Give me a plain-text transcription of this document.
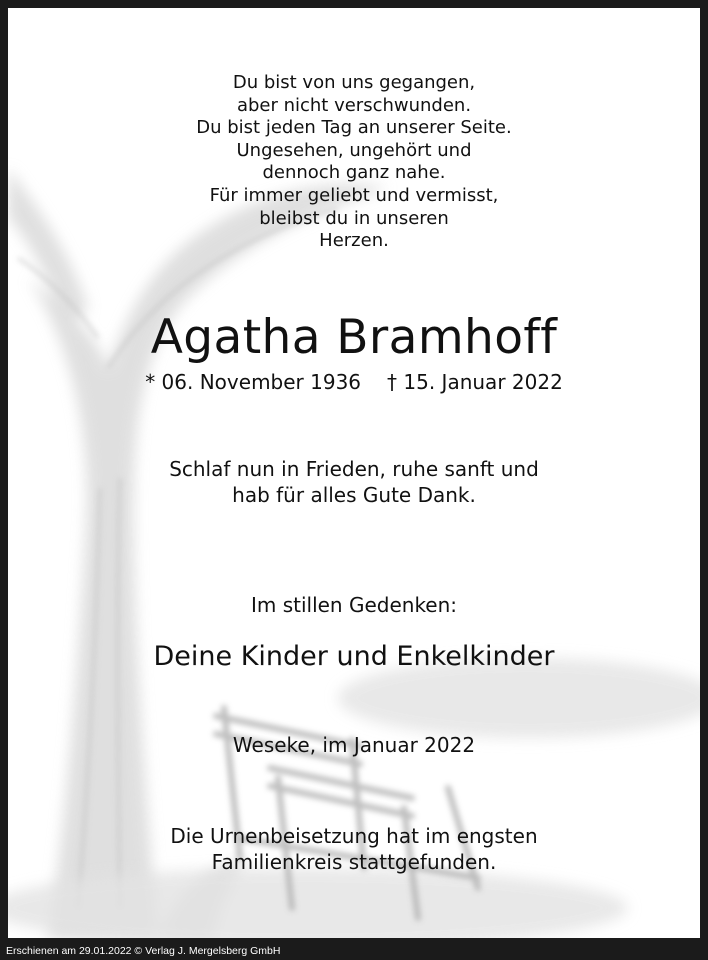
Du bist von uns gegangen,
aber nicht verschwunden.
Du bist jeden Tag an unserer Seite.
Ungesehen, ungehört und
dennoch ganz nahe.
Für immer geliebt und vermisst,
bleibst du in unseren
Herzen.
Agatha Bramhoff
* 06. November 1936 † 15. Januar 2022
Schlaf nun in Frieden, ruhe sanft und
hab für alles Gute Dank.
Im stillen Gedenken:
Deine Kinder und Enkelkinder
Weseke, im Januar 2022
Die Urnenbeisetzung hat im engsten
Familienkreis stattgefunden.
Erschienen am 29.01.2022 © Verlag J. Mergelsberg GmbH
